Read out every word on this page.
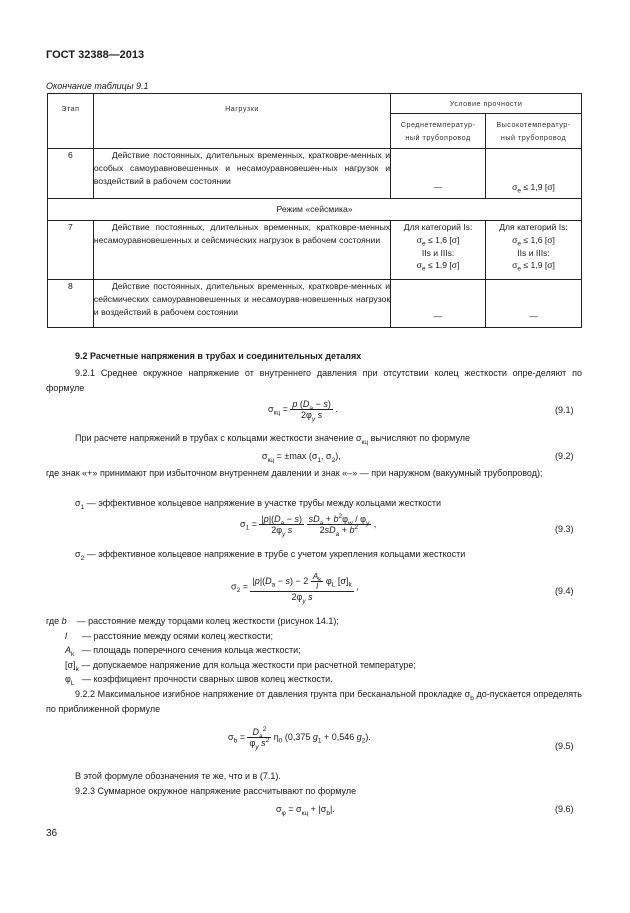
ГОСТ 32388—2013
Окончание таблицы 9.1
Этап	Нагрузки	Условие прочности	
		Среднетемператур-ный трубопровод	Высокотемператур-ный трубопровод
6	Действие постоянных, длительных временных, кратковре-менных и особых самоуравновешенных и несамоуравновешен-ных нагрузок и воздействий в рабочем состоянии	—	$\sigma_e \le 1,9$ [σ]
Режим «сейсмика»			
7	Действие постоянных, длительных временных, кратковре-менных несамоуравновешенных и сейсмических нагрузок в рабочем состоянии	Для категорий Is:
$\sigma_e \le 1,6$ [σ]
IIs и IIIs:
$\sigma_e \le 1,9$ [σ]	Для категорий Is:
$\sigma_e \le 1,6$ [σ]
IIs и IIIs:
$\sigma_e \le 1,9$ [σ]
8	Действие постоянных, длительных временных, кратковре-менных и сейсмических самоуравновешенных и несамоурав-новешенных нагрузок и воздействий в рабочем состоянии	—	—
9.2 Расчетные напряжения в трубах и соединительных деталях
9.2.1 Среднее окружное напряжение от внутреннего давления при отсутствии колец жесткости опре-деляют по формуле
$\sigma_{кц} = \frac{p (D_a - s)}{2\varphi_y s}$ .	(9.1)
При расчете напряжений в трубах с кольцами жесткости значение $\sigma_{кц}$ вычисляют по формуле
$\sigma_{кц} = \pm\max$ ($\sigma_1$, $\sigma_2$),	(9.2)
где знак «+» принимают при избыточном внутреннем давлении и знак «–» — при наружном (вакуумный трубопровод);
$\sigma_1$ — эффективное кольцевое напряжение в участке трубы между кольцами жесткости
$\sigma_1 = \frac{|p|(D_a - s)}{2\varphi_y s}$
$\frac{sD_a + b^2\varphi_w / \varphi_y}{2sD_a + b^2}$ ,
(9.3)
$\sigma_2$ — эффективное кольцевое напряжение в трубе с учетом укрепления кольцами жесткости
$\sigma_2 = \frac{|p|(D_a - s) - 2 \frac{A_k}{l} \varphi_L [\sigma]_k}{2\varphi_y s}$ ,	(9.4)
где b    — расстояние между торцами колец жесткости (рисунок 14.1);
l      — расстояние между осями колец жесткости;
$A_k$   — площадь поперечного сечения кольца жесткости;
$[\sigma]_k$ — допускаемое напряжение для кольца жесткости при расчетной температуре;
$\varphi_L$   — коэффициент прочности сварных швов колец жесткости.
9.2.2 Максимальное изгибное напряжение от давления грунта при бесканальной прокладке $\sigma_b$ до-пускается определять по приближенной формуле
$\sigma_b = \frac{D_a^2}{\varphi_y s^2} \eta_0$ (0,375 $g_1 + 0,546$ $g_2$).
(9.5)
В этой формуле обозначения те же, что и в (7.1).
9.2.3 Суммарное окружное напряжение рассчитывают по формуле
$\sigma_\varphi = \sigma_{кц} + |\sigma_b|$.	(9.6)
36
